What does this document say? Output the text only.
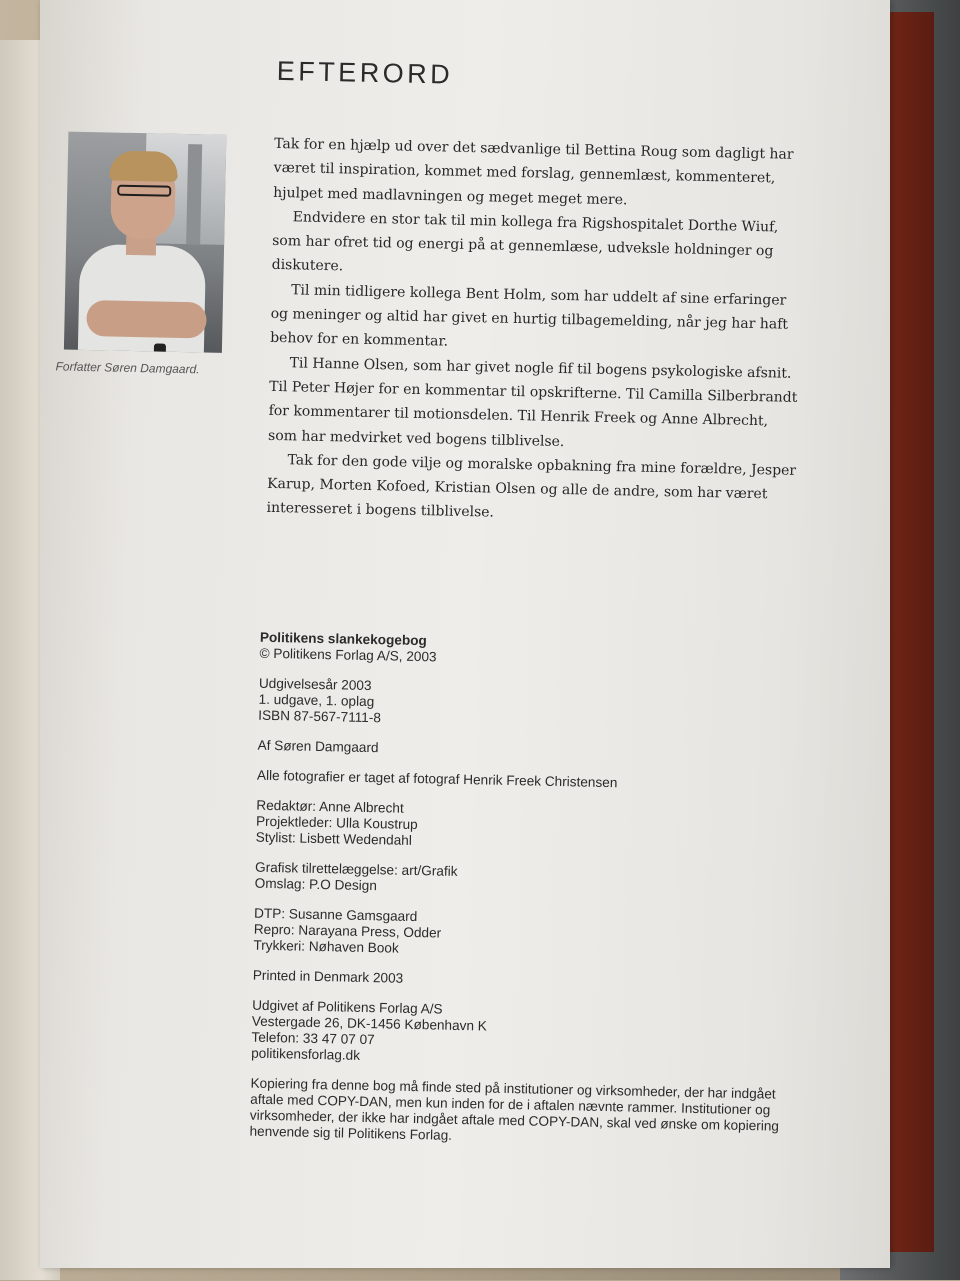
EFTERORD
Forfatter Søren Damgaard.

Tak for en hjælp ud over det sædvanlige til Bettina Roug som dagligt har været til inspiration, kommet med forslag, gennemlæst, kommenteret, hjulpet med madlavningen og meget meget mere.

Endvidere en stor tak til min kollega fra Rigshospitalet Dorthe Wiuf, som har ofret tid og energi på at gennemlæse, udveksle holdninger og diskutere.

Til min tidligere kollega Bent Holm, som har uddelt af sine erfaringer og meninger og altid har givet en hurtig tilbagemelding, når jeg har haft behov for en kommentar.

Til Hanne Olsen, som har givet nogle fif til bogens psykologiske afsnit. Til Peter Højer for en kommentar til opskrifterne. Til Camilla Silberbrandt for kommentarer til motionsdelen. Til Henrik Freek og Anne Albrecht, som har medvirket ved bogens tilblivelse.

Tak for den gode vilje og moralske opbakning fra mine forældre, Jesper Karup, Morten Kofoed, Kristian Olsen og alle de andre, som har været interesseret i bogens tilblivelse.

Politikens slankekogebog
© Politikens Forlag A/S, 2003
Udgivelsesår 2003
1. udgave, 1. oplag
ISBN 87-567-7111-8
Af Søren Damgaard
Alle fotografier er taget af fotograf Henrik Freek Christensen
Redaktør: Anne Albrecht
Projektleder: Ulla Koustrup
Stylist: Lisbett Wedendahl
Grafisk tilrettelæggelse: art/Grafik
Omslag: P.O Design
DTP: Susanne Gamsgaard
Repro: Narayana Press, Odder
Trykkeri: Nøhaven Book
Printed in Denmark 2003
Udgivet af Politikens Forlag A/S
Vestergade 26, DK-1456 København K
Telefon: 33 47 07 07
politikensforlag.dk
Kopiering fra denne bog må finde sted på institutioner og virksomheder, der har indgået aftale med COPY-DAN, men kun inden for de i aftalen nævnte rammer. Institutioner og virksomheder, der ikke har indgået aftale med COPY-DAN, skal ved ønske om kopiering henvende sig til Politikens Forlag.
